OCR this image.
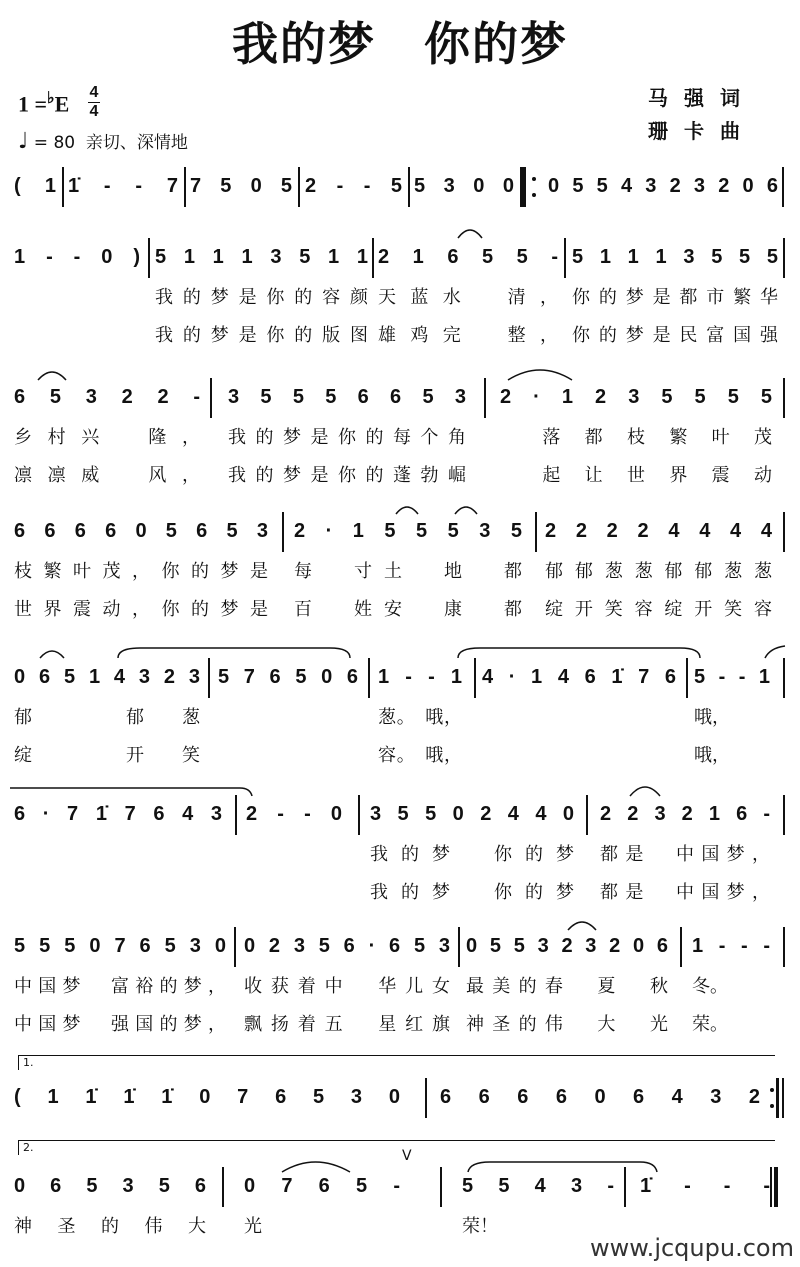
我的梦　你的梦
1 =♭E 4
4
♩ = 80 亲切、深情地
马强词
珊卡曲
( 1 1̇ - - 7 7 5 0 5 2 - - 5 5 3 0 0 0 5 5 4 3 2 3 2 0 6
1 - - 0 ) 5 1 1 1 3 5 1 1
我的梦是你的容颜
我的梦是你的版图
2 1 6 5 5 -
天蓝水　清，
雄鸡完　整，
5 1 1 1 3 5 5 5
你的梦是都市繁华
你的梦是民富国强
6 5 3 2 2 -
乡村兴　隆，
凛凛威　风，
3 5 5 5 6 6 5 3
我的梦是你的每个角
我的梦是你的蓬勃崛
2 · 1 2 3 5 5 5 5
　落都枝繁叶茂
　起让世界震动
6 6 6 6 0 5 6 5 3
枝繁叶茂，你的梦是
世界震动，你的梦是
2 · 1 5 5 5 3 5
每　寸土　地　都
百　姓安　康　都
2 2 2 2 4 4 4 4
郁郁葱葱郁郁葱葱
绽开笑容绽开笑容
0 6 5 1 4 3 2 3
郁　郁葱
绽　开笑
5 7 6 5 0 6 1 - - 1
葱。　哦，
容。　哦，
4 · 1 4 6 1̇ 7 6 5 - - 1
哦，
哦，
6 · 7 1̇ 7 6 4 3 2 - - 0 3 5 5 0 2 4 4 0
我的梦　你的梦
我的梦　你的梦
2 2 3 2 1 6 -
都是　中国梦，
都是　中国梦，
5 5 5 0 7 6 5 3 0
中国梦　富裕的梦，
中国梦　强国的梦，
0 2 3 5 6 · 6 5 3
收获着中　华儿女
飘扬着五　星红旗
0 5 5 3 2 3 2 0 6
最美的春　夏　秋
神圣的伟　大　光
1 - - -
冬。
荣。
( 1 1̇ 1̇ 1̇ 0 7 6 5 3 0 6 6 6 6 0 6 4 3 2
1.
0 6 5 3 5 6
神圣的伟大
0 7 6 5 -
光
5 5 4 3 -
荣！
1̇ - - -
2.
V
www.jcqupu.com
